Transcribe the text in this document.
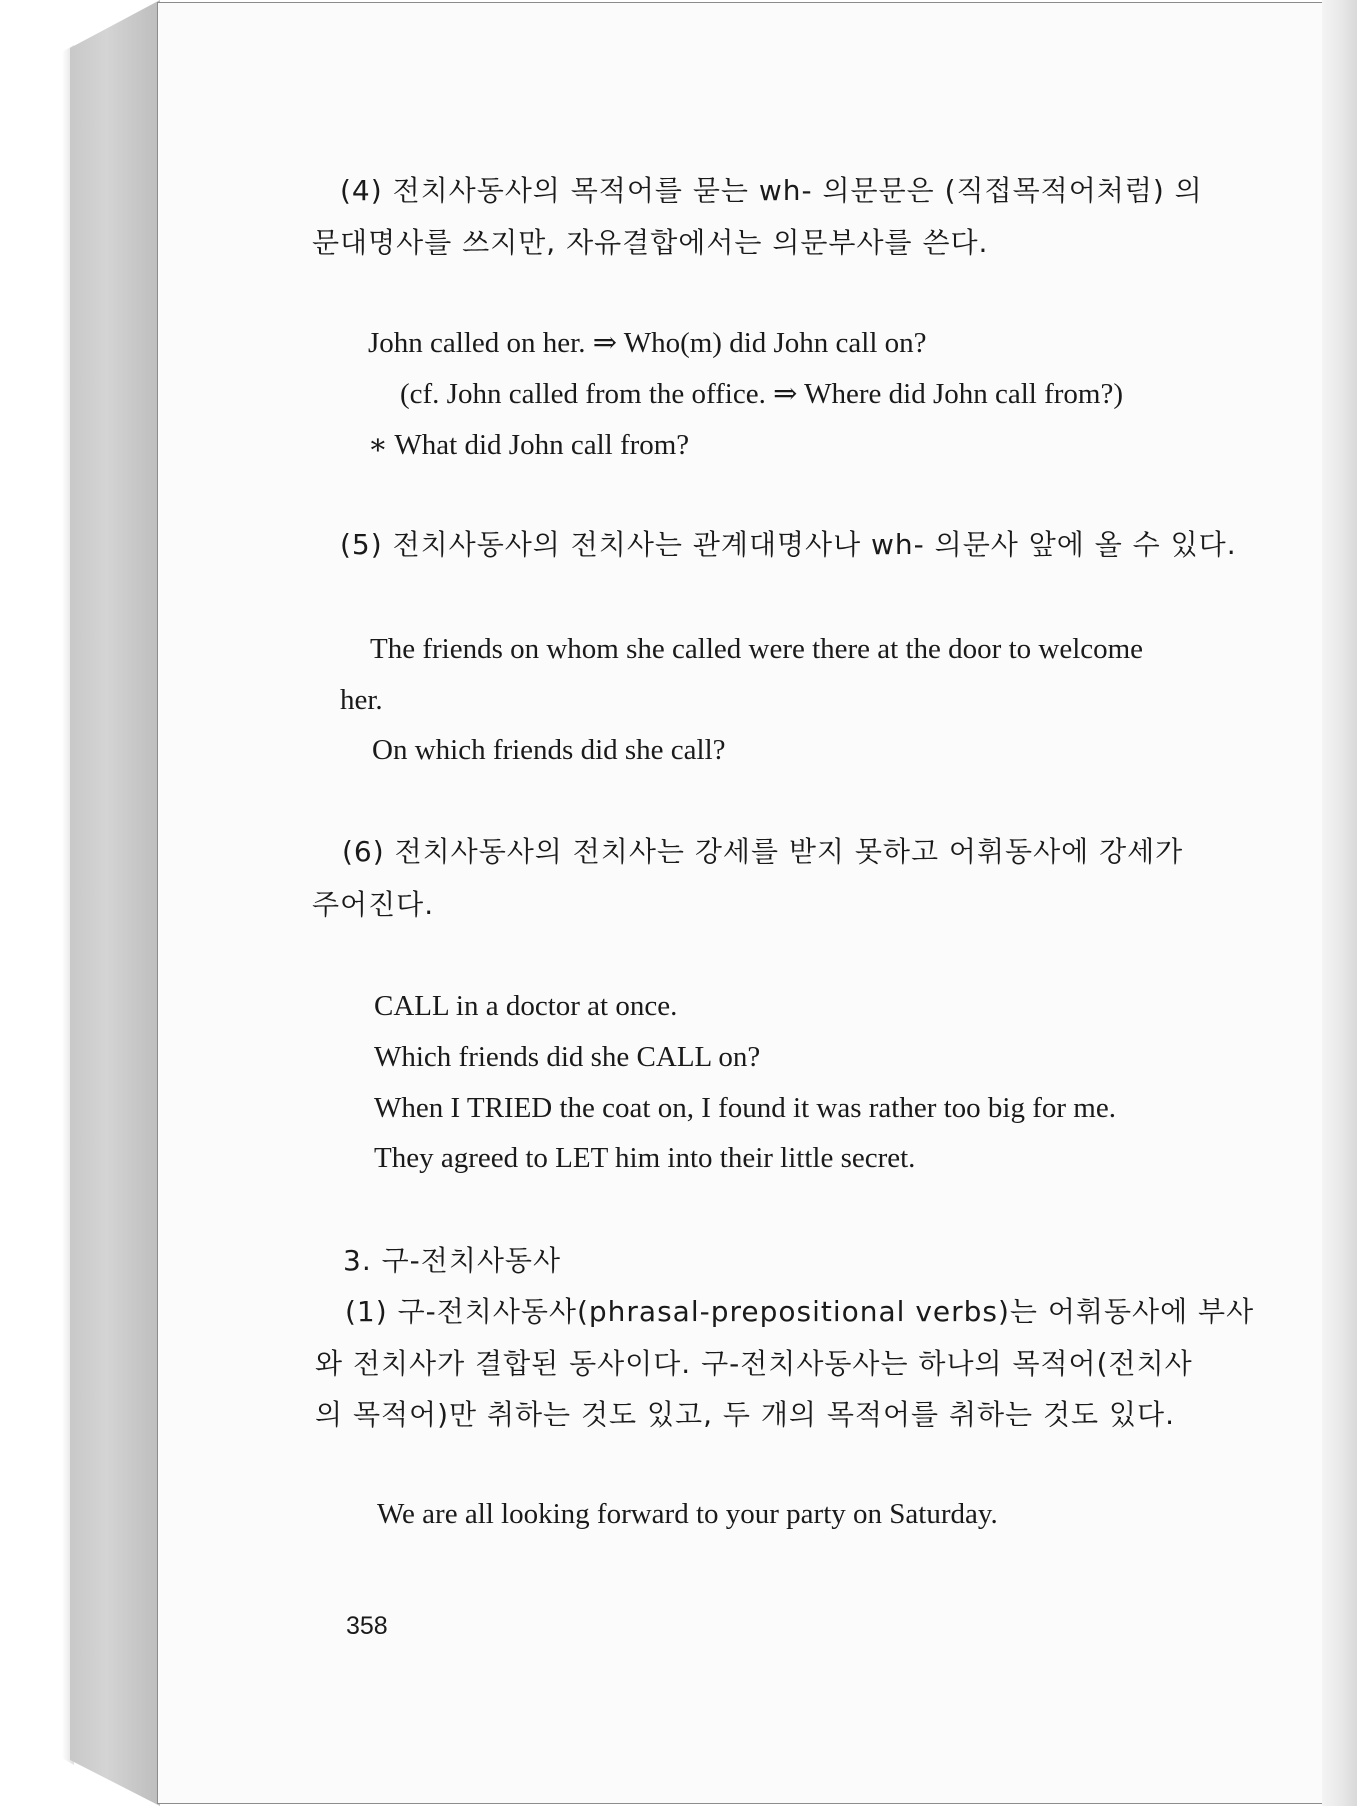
(4) 전치사동사의 목적어를 묻는 wh- 의문문은 (직접목적어처럼) 의
문대명사를 쓰지만, 자유결합에서는 의문부사를 쓴다.
John called on her. ⇒ Who(m) did John call on?
(cf. John called from the office. ⇒ Where did John call from?)
∗ What did John call from?
(5) 전치사동사의 전치사는 관계대명사나 wh- 의문사 앞에 올 수 있다.
The friends on whom she called were there at the door to welcome
her.
On which friends did she call?
(6) 전치사동사의 전치사는 강세를 받지 못하고 어휘동사에 강세가
주어진다.
CALL in a doctor at once.
Which friends did she CALL on?
When I TRIED the coat on, I found it was rather too big for me.
They agreed to LET him into their little secret.
3. 구-전치사동사
(1) 구-전치사동사(phrasal-prepositional verbs)는 어휘동사에 부사
와 전치사가 결합된 동사이다. 구-전치사동사는 하나의 목적어(전치사
의 목적어)만 취하는 것도 있고, 두 개의 목적어를 취하는 것도 있다.
We are all looking forward to your party on Saturday.
358
